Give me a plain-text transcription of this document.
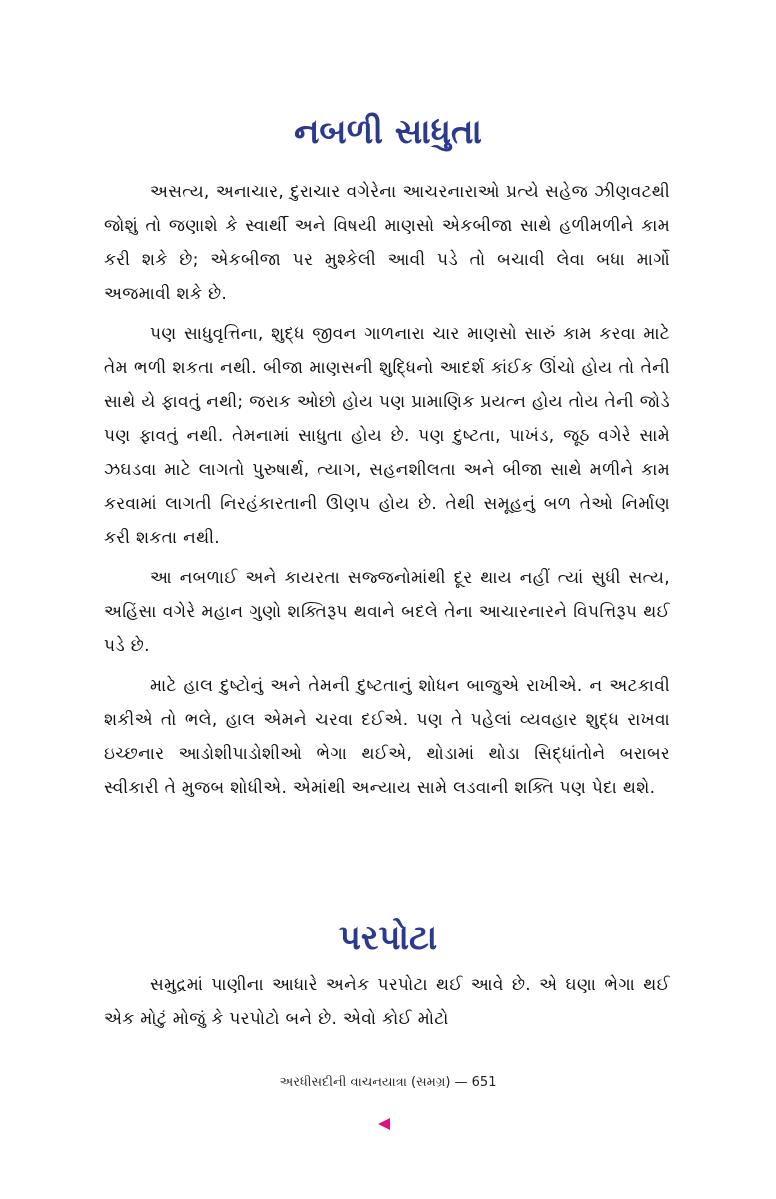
નબળી સાધુતા

અસત્ય, અનાચાર, દુરાચાર વગેરેના આચરનારાઓ પ્રત્યે સહેજ ઝીણવટથી જોશું તો જણાશે કે સ્વાર્થી અને વિષયી માણસો એકબીજા સાથે હળીમળીને કામ કરી શકે છે; એકબીજા પર મુશ્કેલી આવી પડે તો બચાવી લેવા બધા માર્ગો અજમાવી શકે છે.

પણ સાધુવૃત્તિના, શુદ્ધ જીવન ગાળનારા ચાર માણસો સારું કામ કરવા માટે તેમ ભળી શકતા નથી. બીજા માણસની શુદ્ધિનો આદર્શ કાંઈક ઊંચો હોય તો તેની સાથે યે ફાવતું નથી; જરાક ઓછો હોય પણ પ્રામાણિક પ્રયત્ન હોય તોય તેની જોડે પણ ફાવતું નથી. તેમનામાં સાધુતા હોય છે. પણ દુષ્ટતા, પાખંડ, જૂઠ વગેરે સામે ઝઘડવા માટે લાગતો પુરુષાર્થ, ત્યાગ, સહનશીલતા અને બીજા સાથે મળીને કામ કરવામાં લાગતી નિરહંકારતાની ઊણપ હોય છે. તેથી સમૂહનું બળ તેઓ નિર્માણ કરી શકતા નથી.

આ નબળાઈ અને કાયરતા સજ્જનોમાંથી દૂર થાય નહીં ત્યાં સુધી સત્ય, અહિંસા વગેરે મહાન ગુણો શક્તિરૂપ થવાને બદલે તેના આચારનારને વિપત્તિરૂપ થઈ પડે છે.

માટે હાલ દુષ્ટોનું અને તેમની દુષ્ટતાનું શોધન બાજુએ રાખીએ. ન અટકાવી શકીએ તો ભલે, હાલ એમને ચરવા દઈએ. પણ તે પહેલાં વ્યવહાર શુદ્ધ રાખવા ઇચ્છનાર આડોશીપાડોશીઓ ભેગા થઈએ, થોડામાં થોડા સિદ્ધાંતોને બરાબર સ્વીકારી તે મુજબ શોધીએ. એમાંથી અન્યાય સામે લડવાની શક્તિ પણ પેદા થશે.

પરપોટા

સમુદ્રમાં પાણીના આધારે અનેક પરપોટા થઈ આવે છે. એ ઘણા ભેગા થઈ એક મોટું મોજું કે પરપોટો બને છે. એવો કોઈ મોટો

અરધીસદીની વાચનયાત્રા (સમગ્ર) — 651
